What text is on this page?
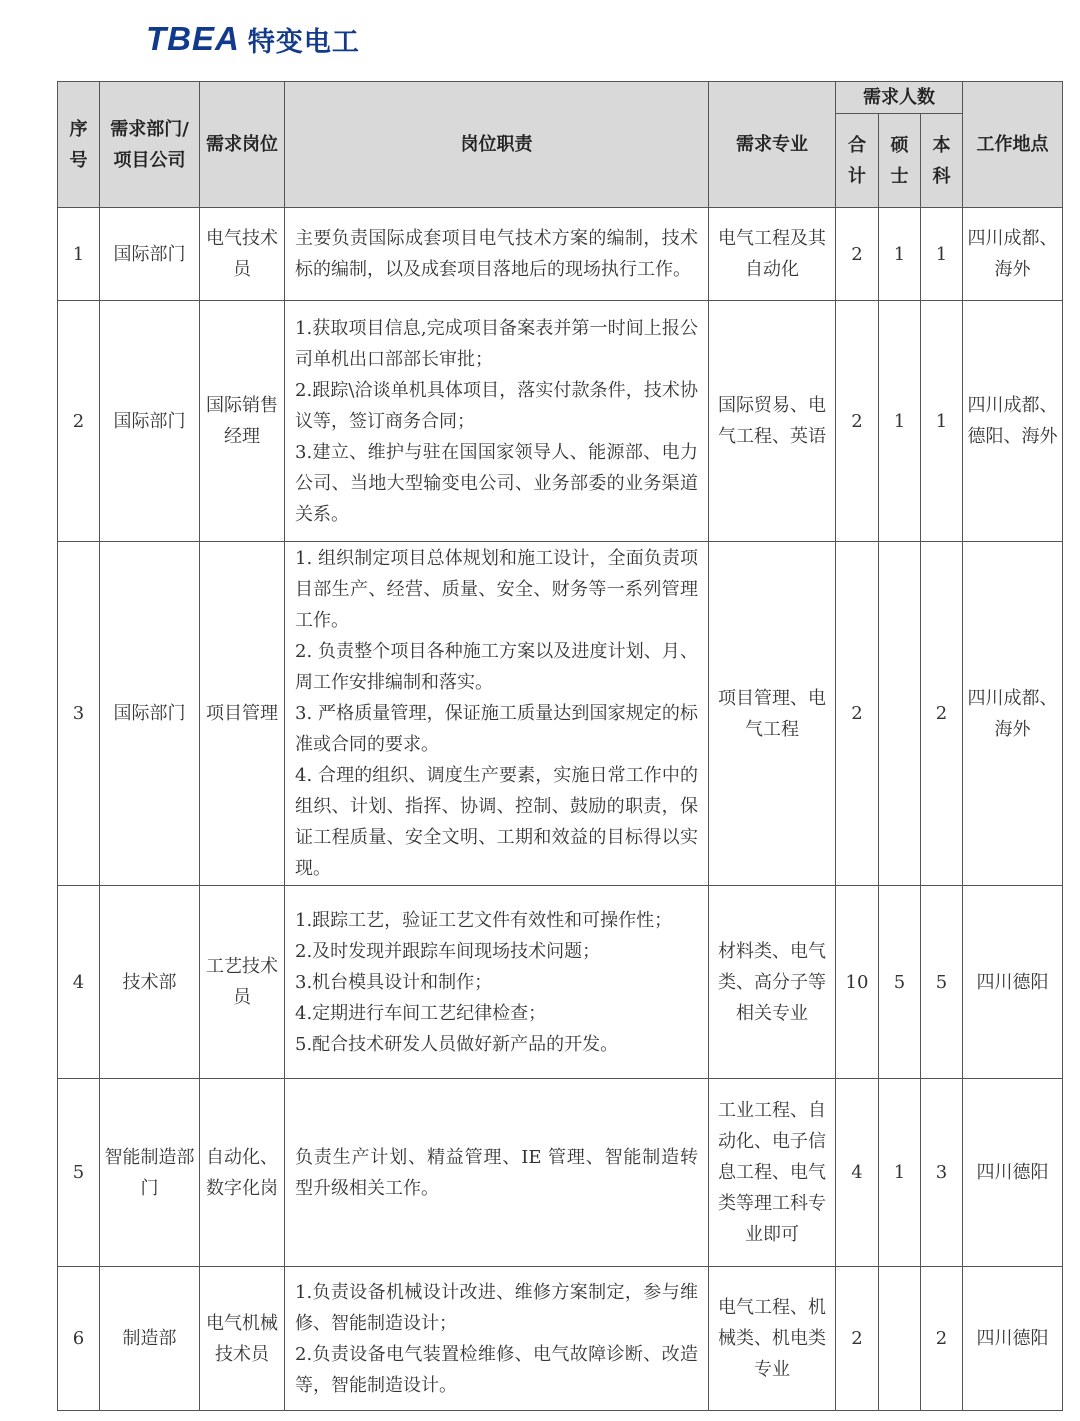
TBEA 特变电工
序号	需求部门/项目公司	需求岗位	岗位职责	需求专业	需求人数			工作地点
					合计	硕士	本科	
1	国际部门	电气技术员	主要负责国际成套项目电气技术方案的编制，技术标的编制，以及成套项目落地后的现场执行工作。	电气工程及其自动化	2	1	1	四川成都、海外
2	国际部门	国际销售经理	1.获取项目信息,完成项目备案表并第一时间上报公司单机出口部部长审批；
2.跟踪\洽谈单机具体项目，落实付款条件，技术协议等，签订商务合同；
3.建立、维护与驻在国国家领导人、能源部、电力公司、当地大型输变电公司、业务部委的业务渠道关系。	国际贸易、电气工程、英语	2	1	1	四川成都、德阳、海外
3	国际部门	项目管理	1. 组织制定项目总体规划和施工设计，全面负责项目部生产、经营、质量、安全、财务等一系列管理工作。
2. 负责整个项目各种施工方案以及进度计划、月、周工作安排编制和落实。
3. 严格质量管理，保证施工质量达到国家规定的标准或合同的要求。
4. 合理的组织、调度生产要素，实施日常工作中的组织、计划、指挥、协调、控制、鼓励的职责，保证工程质量、安全文明、工期和效益的目标得以实现。	项目管理、电气工程	2		2	四川成都、海外
4	技术部	工艺技术员	1.跟踪工艺，验证工艺文件有效性和可操作性；
2.及时发现并跟踪车间现场技术问题；
3.机台模具设计和制作；
4.定期进行车间工艺纪律检查；
5.配合技术研发人员做好新产品的开发。	材料类、电气类、高分子等相关专业	10	5	5	四川德阳
5	智能制造部门	自动化、数字化岗	负责生产计划、精益管理、IE 管理、智能制造转型升级相关工作。	工业工程、自动化、电子信息工程、电气类等理工科专业即可	4	1	3	四川德阳
6	制造部	电气机械技术员	1.负责设备机械设计改进、维修方案制定，参与维修、智能制造设计；
2.负责设备电气装置检维修、电气故障诊断、改造等，智能制造设计。	电气工程、机械类、机电类专业	2		2	四川德阳
